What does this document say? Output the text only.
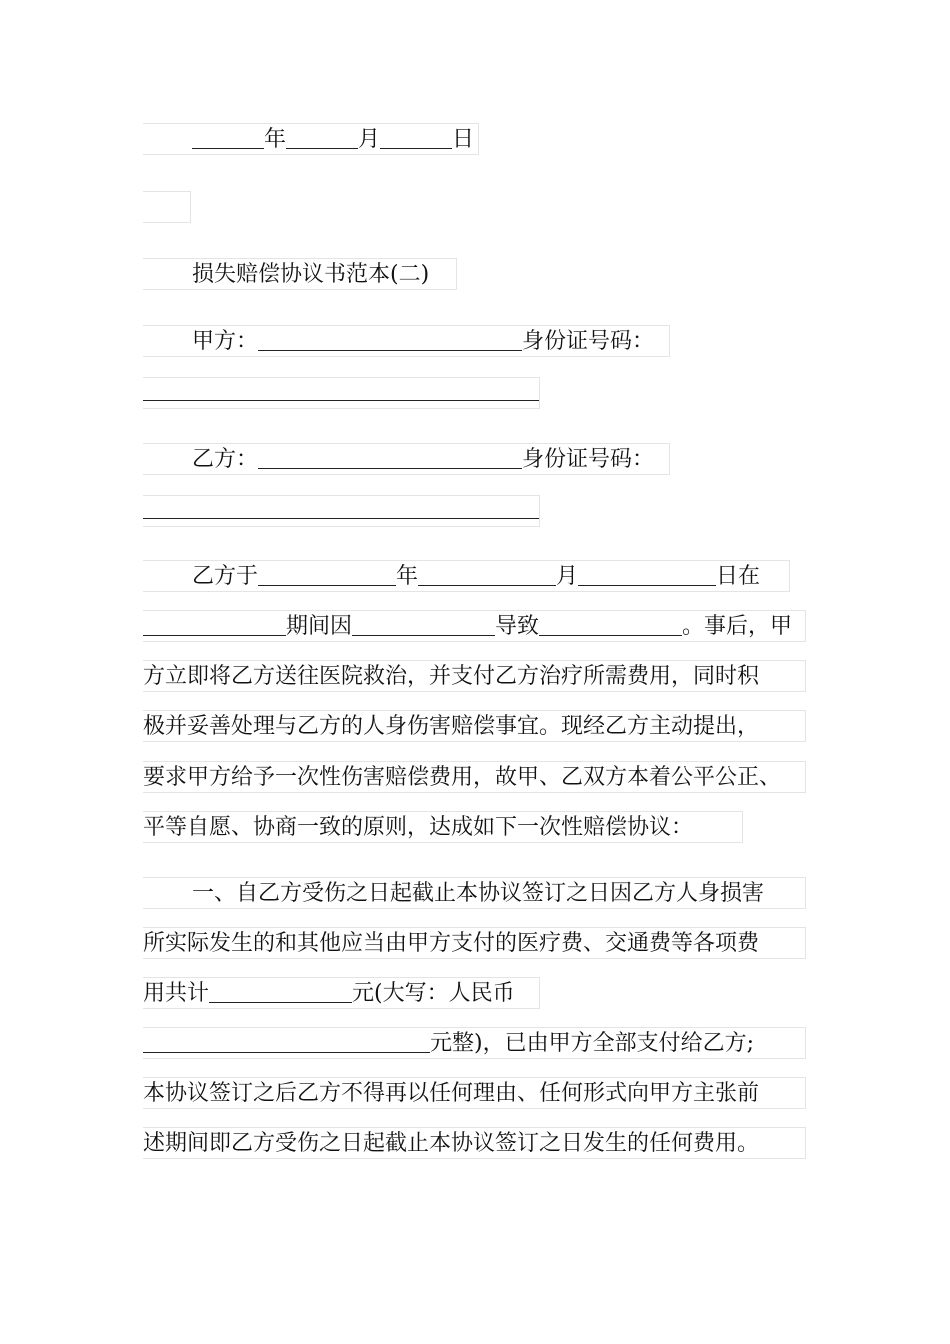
年	月	日
损失赔偿协议书范本(二)
甲方：	身份证号码：
乙方：	身份证号码：
乙方于	年	月	日在
期间因	导致	。事后，甲
方立即将乙方送往医院救治，并支付乙方治疗所需费用，同时积
极并妥善处理与乙方的人身伤害赔偿事宜。现经乙方主动提出，
要求甲方给予一次性伤害赔偿费用，故甲、乙双方本着公平公正、
平等自愿、协商一致的原则，达成如下一次性赔偿协议：
一、自乙方受伤之日起截止本协议签订之日因乙方人身损害
所实际发生的和其他应当由甲方支付的医疗费、交通费等各项费
用共计	元(大写：人民币
元整)，已由甲方全部支付给乙方;
本协议签订之后乙方不得再以任何理由、任何形式向甲方主张前
述期间即乙方受伤之日起截止本协议签订之日发生的任何费用。
